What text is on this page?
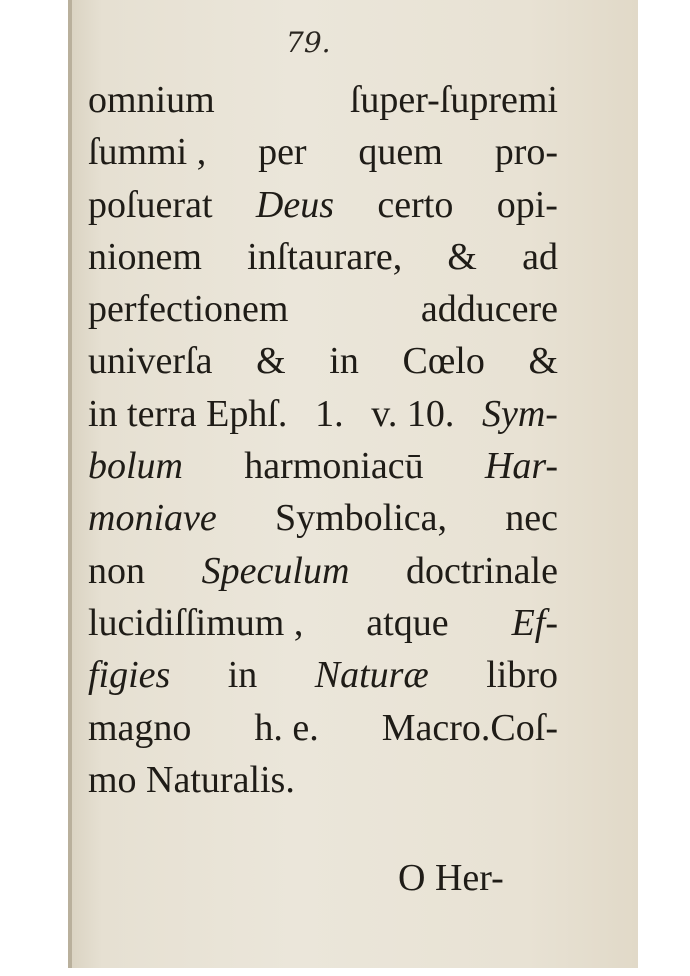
79.
omnium	ſuper-ſupremi
ſummi , per quem pro-
poſuerat Deus certo opi-
nionem inſtaurare, & ad
perfectionem	adducere
univerſa & in Cœlo &
in terra Ephſ. 1. v. 10. Sym-
bolum harmoniacū Har-
moniave Symbolica, nec
non Speculum doctrinale
lucidiſſimum , atque Ef-
figies in Naturæ libro
magno h. e. Macro.Coſ-
mo Naturalis.
O Her-
